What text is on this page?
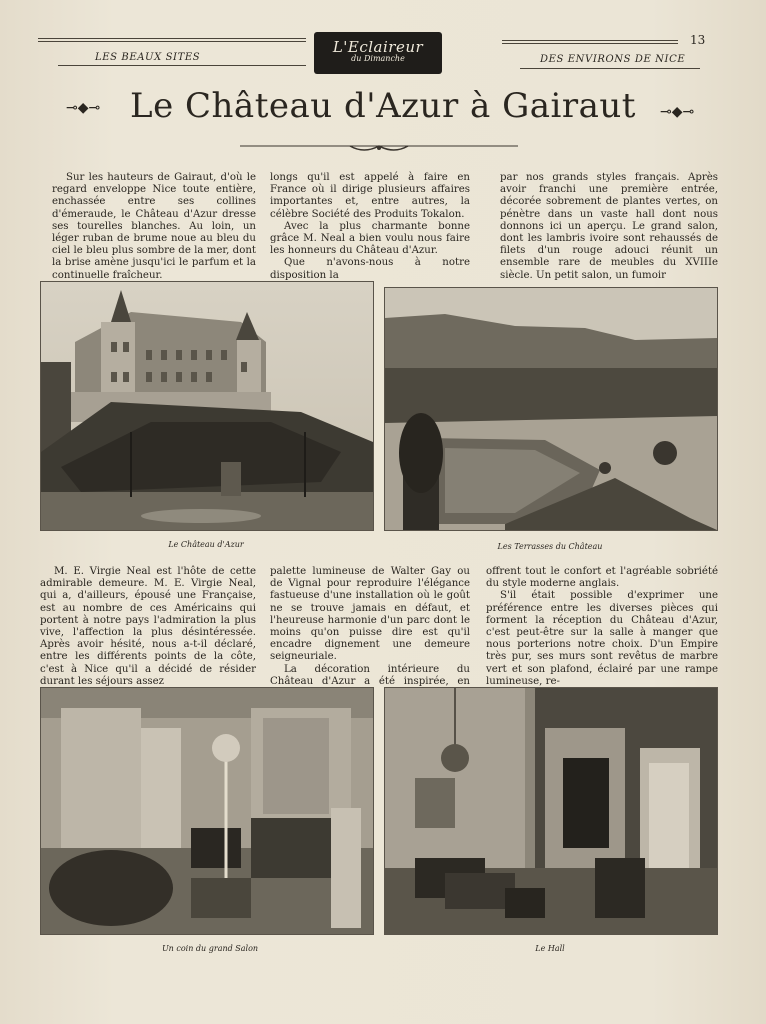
LES BEAUX SITES	DES ENVIRONS DE NICE
13
L'Eclaireur
du Dimanche
⊸◆⊸ Le Château d'Azur à Gairaut	⊸◆⊸

Sur les hauteurs de Gairaut, d'où le regard enveloppe Nice toute entière, enchassée entre ses collines d'émeraude, le Château d'Azur dresse ses tourelles blanches. Au loin, un léger ruban de brume noue au bleu du ciel le bleu plus sombre de la mer, dont la brise amène jusqu'ici le parfum et la continuelle fraîcheur.

longs qu'il est appelé à faire en France où il dirige plusieurs affaires importantes et, entre autres, la célèbre Société des Produits Tokalon.

Avec la plus charmante bonne grâce M. Neal a bien voulu nous faire les honneurs du Château d'Azur.

Que n'avons-nous à notre disposition la

par nos grands styles français. Après avoir franchi une première entrée, décorée sobrement de plantes vertes, on pénètre dans un vaste hall dont nous donnons ici un aperçu. Le grand salon, dont les lambris ivoire sont rehaussés de filets d'un rouge adouci réunit un ensemble rare de meubles du XVIIIe siècle. Un petit salon, un fumoir

Le Château d'Azur	Les Terrasses du Château

M. E. Virgie Neal est l'hôte de cette admirable demeure. M. E. Virgie Neal, qui a, d'ailleurs, épousé une Française, est au nombre de ces Américains qui portent à notre pays l'admiration la plus vive, l'affection la plus désintéressée. Après avoir hésité, nous a-t-il déclaré, entre les différents points de la côte, c'est à Nice qu'il a décidé de résider durant les séjours assez

palette lumineuse de Walter Gay ou de Vignal pour reproduire l'élégance fastueuse d'une installation où le goût ne se trouve jamais en défaut, et l'heureuse harmonie d'un parc dont le moins qu'on puisse dire est qu'il encadre dignement une demeure seigneuriale.

La décoration intérieure du Château d'Azur a été inspirée, en

offrent tout le confort et l'agréable sobriété du style moderne anglais.

S'il était possible d'exprimer une préférence entre les diverses pièces qui forment la réception du Château d'Azur, c'est peut-être sur la salle à manger que nous porterions notre choix. D'un Empire très pur, ses murs sont revêtus de marbre vert et son plafond, éclairé par une rampe lumineuse, re-

Un coin du grand Salon	Le Hall
